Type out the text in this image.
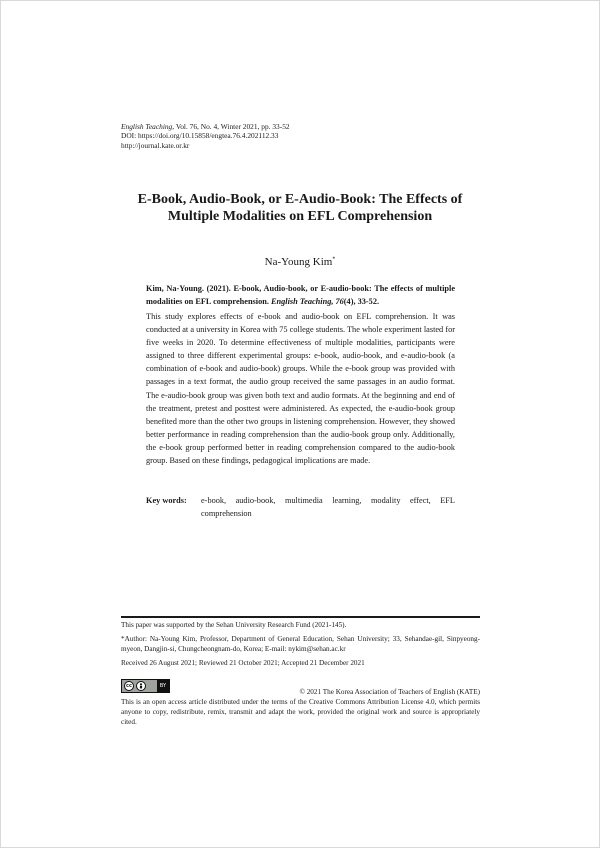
English Teaching, Vol. 76, No. 4, Winter 2021, pp. 33-52
DOI: https://doi.org/10.15858/engtea.76.4.202112.33
http://journal.kate.or.kr
E-Book, Audio-Book, or E-Audio-Book: The Effects of
Multiple Modalities on EFL Comprehension
Na-Young Kim*
Kim, Na-Young. (2021). E-book, Audio-book, or E-audio-book: The effects of multiple modalities on EFL comprehension. English Teaching, 76(4), 33-52.
This study explores effects of e-book and audio-book on EFL comprehension. It was conducted at a university in Korea with 75 college students. The whole experiment lasted for five weeks in 2020. To determine effectiveness of multiple modalities, participants were assigned to three different experimental groups: e-book, audio-book, and e-audio-book (a combination of e-book and audio-book) groups. While the e-book group was provided with passages in a text format, the audio group received the same passages in an audio format. The e-audio-book group was given both text and audio formats. At the beginning and end of the treatment, pretest and posttest were administered. As expected, the e-audio-book group benefited more than the other two groups in listening comprehension. However, they showed better performance in reading comprehension than the audio-book group only. Additionally, the e-book group performed better in reading comprehension compared to the audio-book group. Based on these findings, pedagogical implications are made.
Key words:	e-book, audio-book, multimedia learning, modality effect, EFL comprehension
This paper was supported by the Sehan University Research Fund (2021-145).
*Author: Na-Young Kim, Professor, Department of General Education, Sehan University; 33, Sehandae-gil, Sinpyeong-myeon, Dangjin-si, Chungcheongnam-do, Korea; E-mail: nykim@sehan.ac.kr
Received 26 August 2021; Reviewed 21 October 2021; Accepted 21 December 2021
cc	BY
© 2021 The Korea Association of Teachers of English (KATE)
This is an open access article distributed under the terms of the Creative Commons Attribution License 4.0, which permits anyone to copy, redistribute, remix, transmit and adapt the work, provided the original work and source is appropriately cited.
